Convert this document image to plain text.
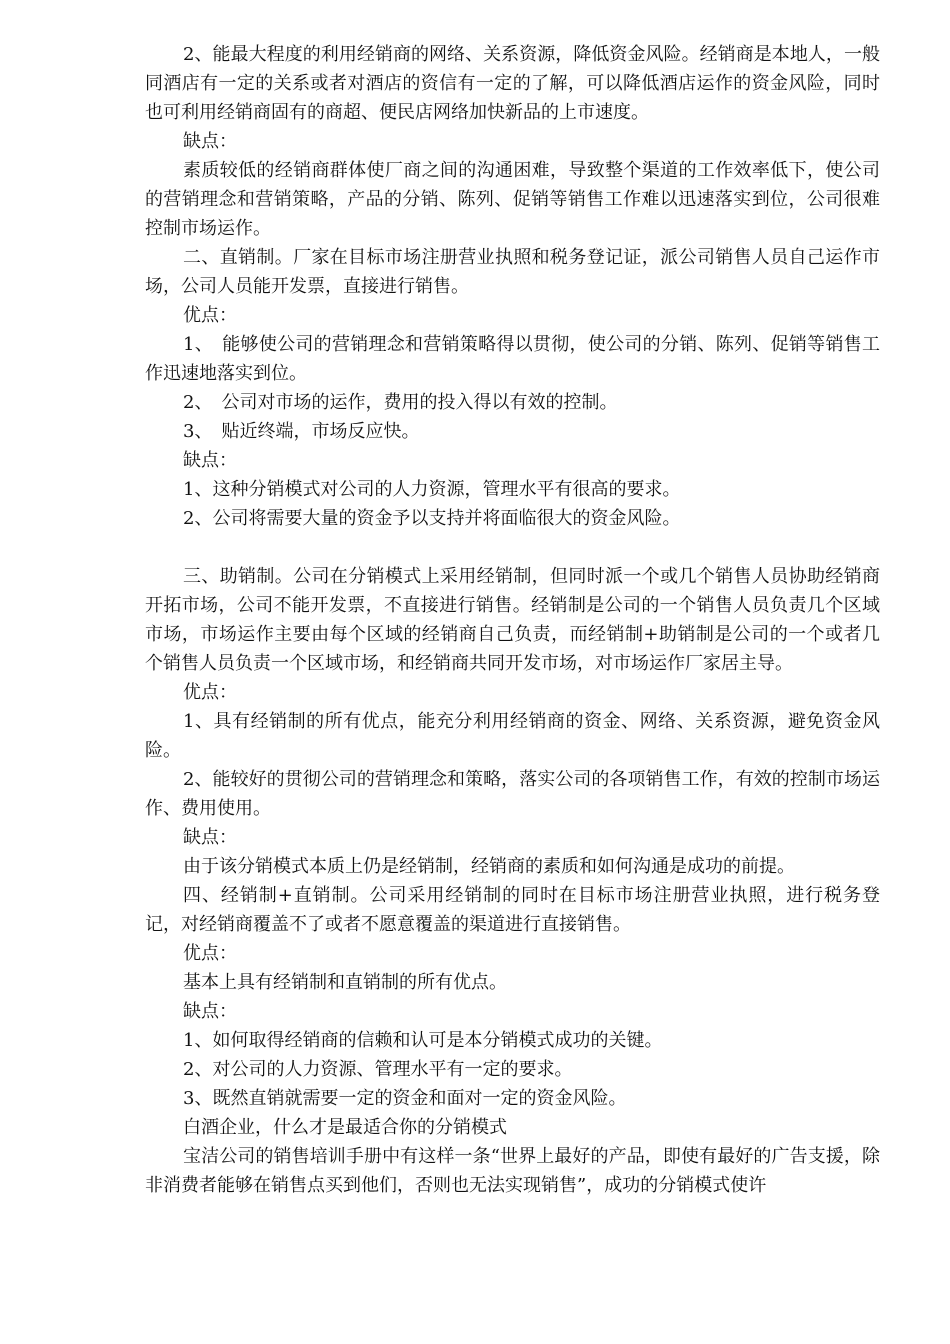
2、能最大程度的利用经销商的网络、关系资源，降低资金风险。经销商是本地人，一般同酒店有一定的关系或者对酒店的资信有一定的了解，可以降低酒店运作的资金风险，同时也可利用经销商固有的商超、便民店网络加快新品的上市速度。

缺点：

素质较低的经销商群体使厂商之间的沟通困难，导致整个渠道的工作效率低下，使公司的营销理念和营销策略，产品的分销、陈列、促销等销售工作难以迅速落实到位，公司很难控制市场运作。

二、直销制。厂家在目标市场注册营业执照和税务登记证，派公司销售人员自己运作市场，公司人员能开发票，直接进行销售。

优点：

1、　能够使公司的营销理念和营销策略得以贯彻，使公司的分销、陈列、促销等销售工作迅速地落实到位。

2、　公司对市场的运作，费用的投入得以有效的控制。

3、　贴近终端，市场反应快。

缺点：

1、这种分销模式对公司的人力资源，管理水平有很高的要求。

2、公司将需要大量的资金予以支持并将面临很大的资金风险。

三、助销制。公司在分销模式上采用经销制，但同时派一个或几个销售人员协助经销商开拓市场，公司不能开发票，不直接进行销售。经销制是公司的一个销售人员负责几个区域市场，市场运作主要由每个区域的经销商自己负责，而经销制+助销制是公司的一个或者几个销售人员负责一个区域市场，和经销商共同开发市场，对市场运作厂家居主导。

优点：

1、具有经销制的所有优点，能充分利用经销商的资金、网络、关系资源，避免资金风险。

2、能较好的贯彻公司的营销理念和策略，落实公司的各项销售工作，有效的控制市场运作、费用使用。

缺点：

由于该分销模式本质上仍是经销制，经销商的素质和如何沟通是成功的前提。

四、经销制+直销制。公司采用经销制的同时在目标市场注册营业执照，进行税务登记，对经销商覆盖不了或者不愿意覆盖的渠道进行直接销售。

优点：

基本上具有经销制和直销制的所有优点。

缺点：

1、如何取得经销商的信赖和认可是本分销模式成功的关键。

2、对公司的人力资源、管理水平有一定的要求。

3、既然直销就需要一定的资金和面对一定的资金风险。

白酒企业，什么才是最适合你的分销模式

宝洁公司的销售培训手册中有这样一条“世界上最好的产品，即使有最好的广告支援，除非消费者能够在销售点买到他们，否则也无法实现销售”，成功的分销模式使许
